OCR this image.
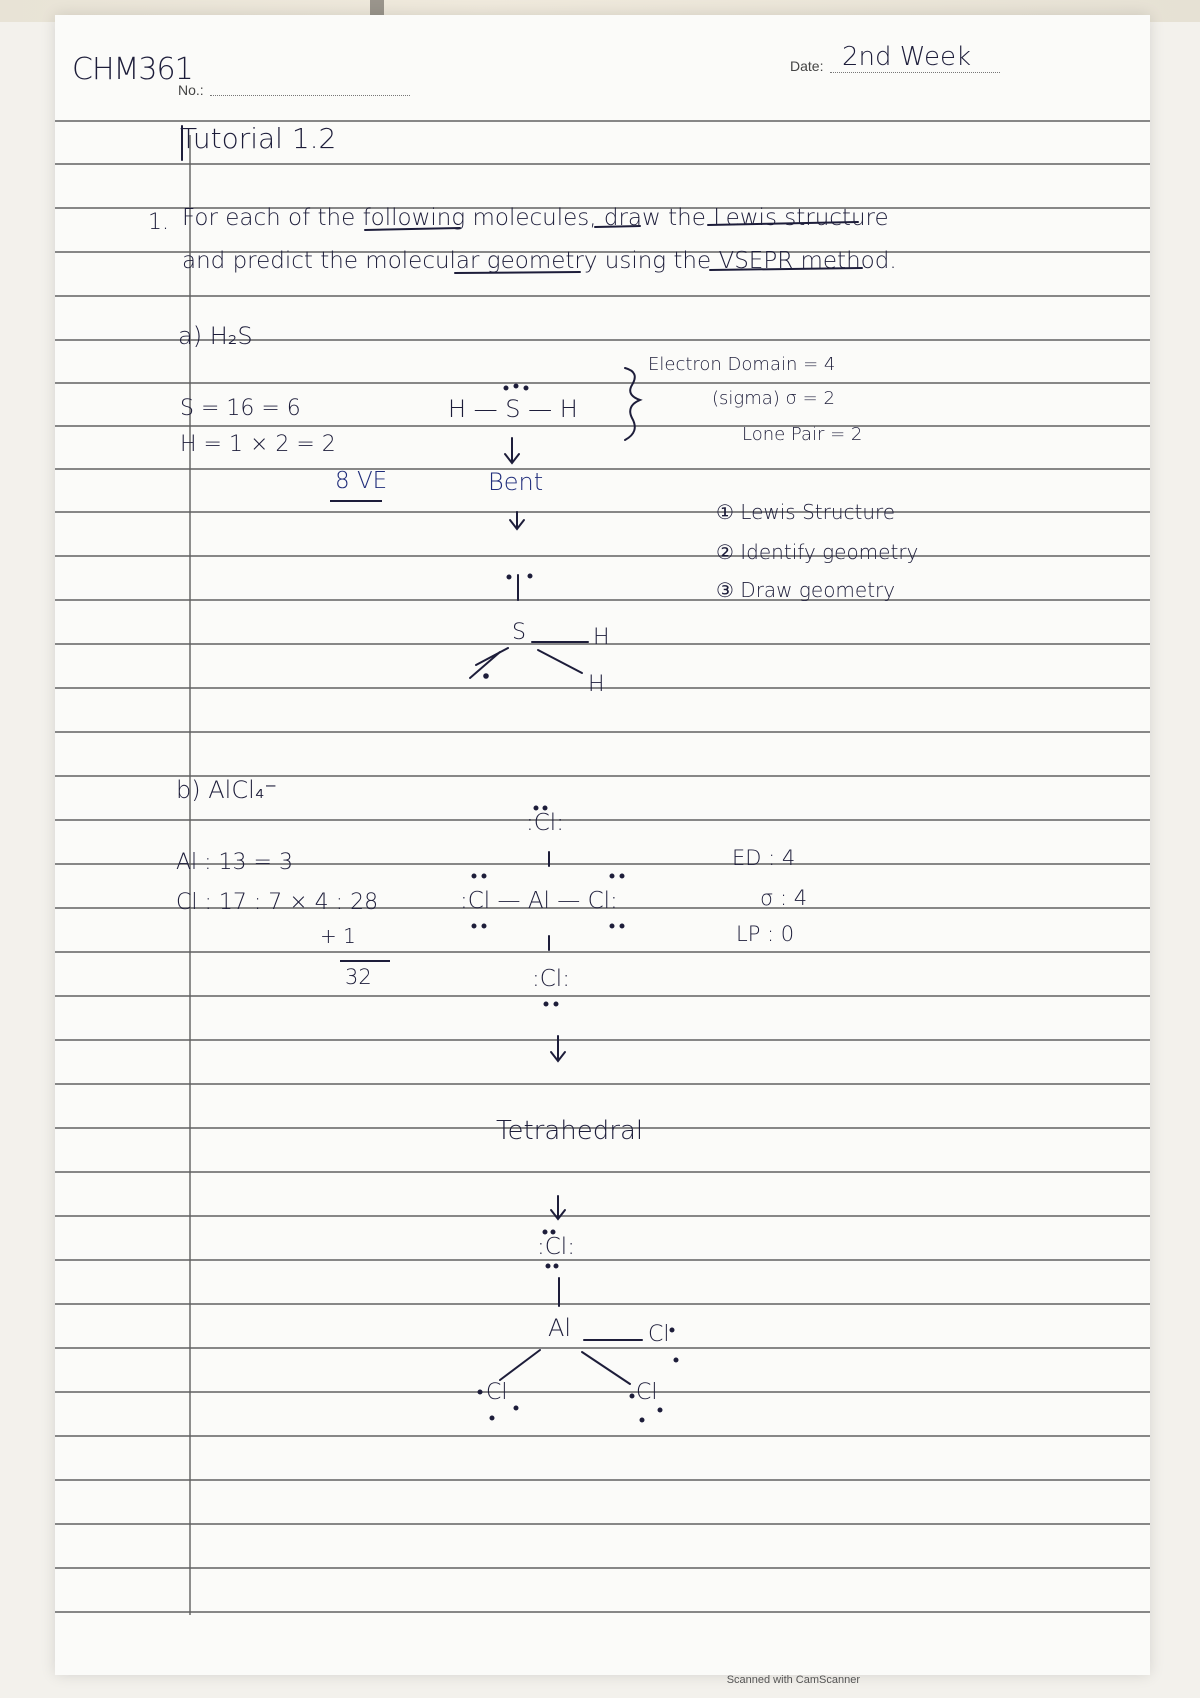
CHM361
No.:
Date: 2nd Week
Tutorial 1.2
1. For each of the following molecules, draw the Lewis structure
and predict the molecular geometry using the VSEPR method.
a) H₂S
S = 16 = 6
H = 1 × 2 = 2
8 VE
H — S — H
Electron Domain = 4
(sigma) σ = 2
Lone Pair = 2
Bent
① Lewis Structure
② Identify geometry
③ Draw geometry
S	H
H
b) AlCl₄⁻
Al : 13 = 3
Cl : 17 : 7 × 4 : 28
+ 1
32
:Cl:
:Cl — Al — Cl:
:Cl:
ED : 4
σ : 4
LP : 0
Tetrahedral
:Cl:
Al	Cl
Cl	Cl
Scanned with CamScanner
